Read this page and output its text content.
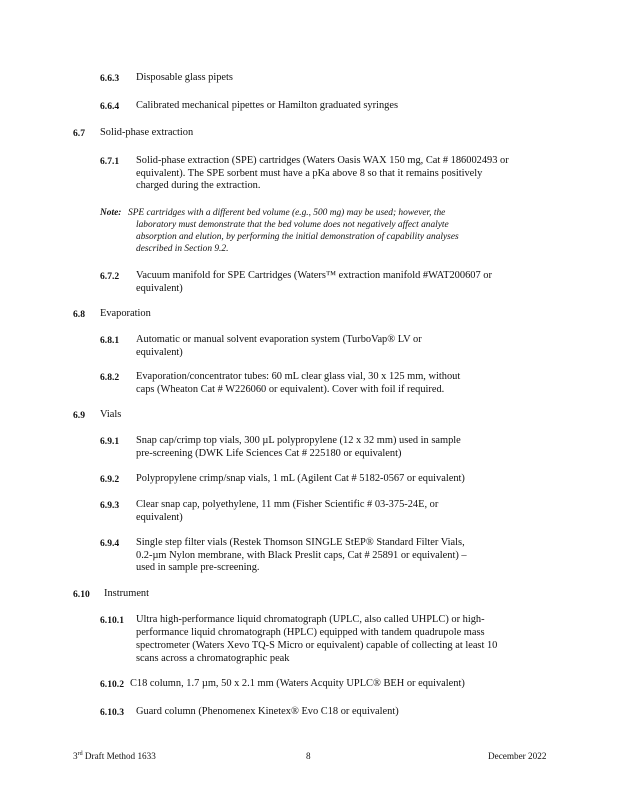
6.6.3 Disposable glass pipets
6.6.4 Calibrated mechanical pipettes or Hamilton graduated syringes
6.7 Solid-phase extraction
6.7.1 Solid-phase extraction (SPE) cartridges (Waters Oasis WAX 150 mg, Cat # 186002493 or
equivalent). The SPE sorbent must have a pKa above 8 so that it remains positively
charged during the extraction.
Note: SPE cartridges with a different bed volume (e.g., 500 mg) may be used; however, the
laboratory must demonstrate that the bed volume does not negatively affect analyte
absorption and elution, by performing the initial demonstration of capability analyses
described in Section 9.2.
6.7.2 Vacuum manifold for SPE Cartridges (Waters™ extraction manifold #WAT200607 or
equivalent)
6.8 Evaporation
6.8.1 Automatic or manual solvent evaporation system (TurboVap® LV or
equivalent)
6.8.2 Evaporation/concentrator tubes: 60 mL clear glass vial, 30 x 125 mm, without
caps (Wheaton Cat # W226060 or equivalent). Cover with foil if required.
6.9 Vials
6.9.1 Snap cap/crimp top vials, 300 µL polypropylene (12 x 32 mm) used in sample
pre-screening (DWK Life Sciences Cat # 225180 or equivalent)
6.9.2 Polypropylene crimp/snap vials, 1 mL (Agilent Cat # 5182-0567 or equivalent)
6.9.3 Clear snap cap, polyethylene, 11 mm (Fisher Scientific # 03-375-24E, or
equivalent)
6.9.4 Single step filter vials (Restek Thomson SINGLE StEP® Standard Filter Vials,
0.2-µm Nylon membrane, with Black Preslit caps, Cat # 25891 or equivalent) –
used in sample pre-screening.
6.10 Instrument
6.10.1 Ultra high-performance liquid chromatograph (UPLC, also called UHPLC) or high-
performance liquid chromatograph (HPLC) equipped with tandem quadrupole mass
spectrometer (Waters Xevo TQ-S Micro or equivalent) capable of collecting at least 10
scans across a chromatographic peak
6.10.2 C18 column, 1.7 µm, 50 x 2.1 mm (Waters Acquity UPLC® BEH or equivalent)
6.10.3 Guard column (Phenomenex Kinetex® Evo C18 or equivalent)
3rd Draft Method 1633	8	December 2022
